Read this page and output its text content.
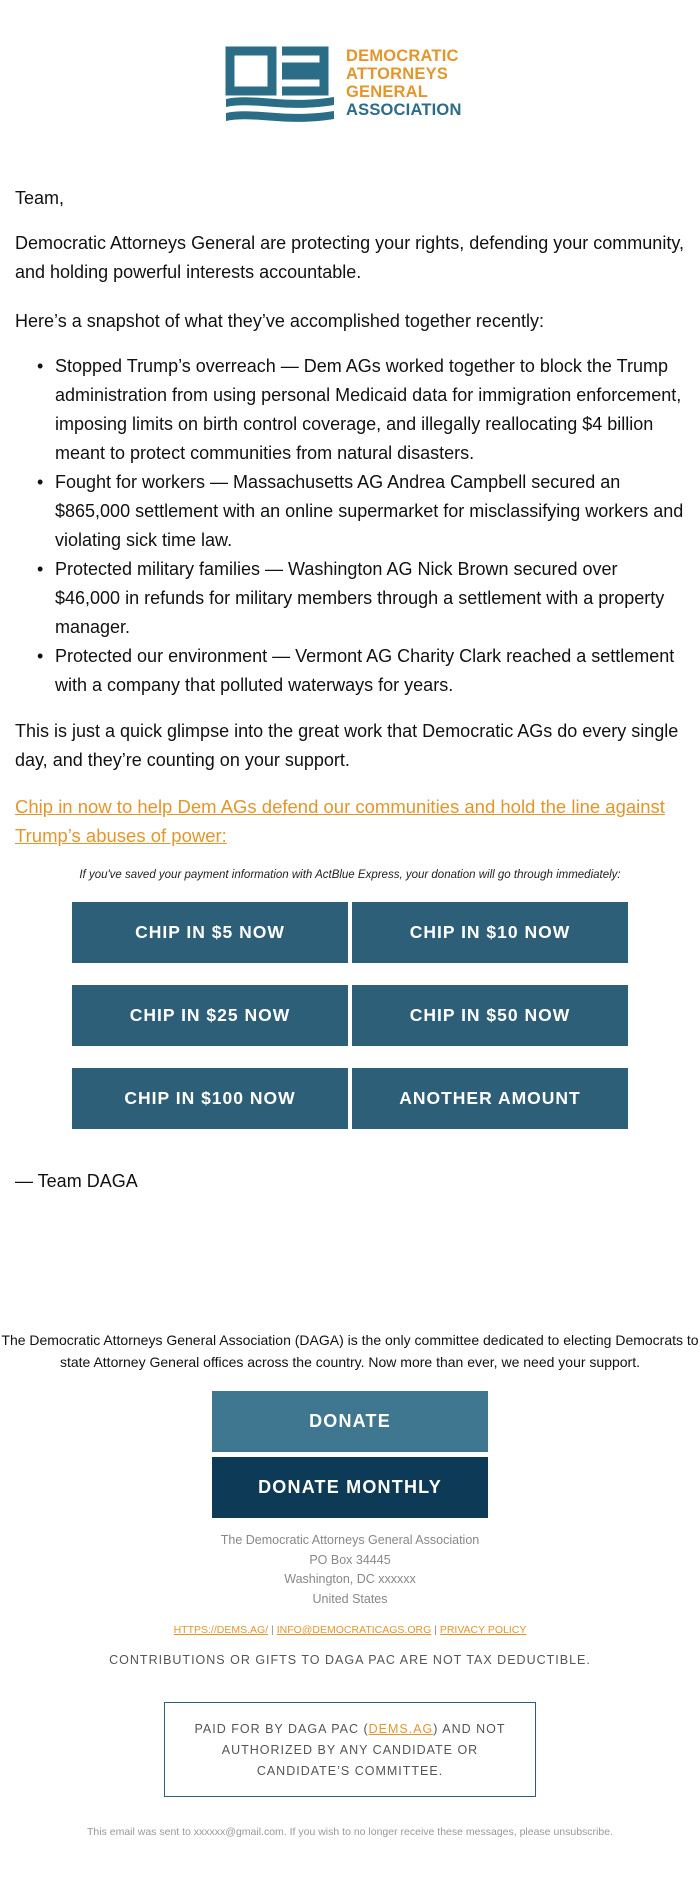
DEMOCRATIC
ATTORNEYS
GENERAL
ASSOCIATION

Team,

Democratic Attorneys General are protecting your rights, defending your community, and holding powerful interests accountable.

Here’s a snapshot of what they’ve accomplished together recently:

• Stopped Trump’s overreach — Dem AGs worked together to block the Trump administration from using personal Medicaid data for immigration enforcement, imposing limits on birth control coverage, and illegally reallocating $4 billion meant to protect communities from natural disasters.
• Fought for workers — Massachusetts AG Andrea Campbell secured an $865,000 settlement with an online supermarket for misclassifying workers and violating sick time law.
• Protected military families — Washington AG Nick Brown secured over $46,000 in refunds for military members through a settlement with a property manager.
• Protected our environment — Vermont AG Charity Clark reached a settlement with a company that polluted waterways for years.

This is just a quick glimpse into the great work that Democratic AGs do every single day, and they’re counting on your support.

Chip in now to help Dem AGs defend our communities and hold the line against Trump’s abuses of power:

If you've saved your payment information with ActBlue Express, your donation will go through immediately:

CHIP IN $5 NOW	CHIP IN $10 NOW
CHIP IN $25 NOW	CHIP IN $50 NOW
CHIP IN $100 NOW	ANOTHER AMOUNT

— Team DAGA

The Democratic Attorneys General Association (DAGA) is the only committee dedicated to electing Democrats to state Attorney General offices across the country. Now more than ever, we need your support.

DONATE
DONATE MONTHLY
The Democratic Attorneys General Association
PO Box 34445
Washington, DC xxxxxx
United States
HTTPS://DEMS.AG/ | INFO@DEMOCRATICAGS.ORG | PRIVACY POLICY

CONTRIBUTIONS OR GIFTS TO DAGA PAC ARE NOT TAX DEDUCTIBLE.

PAID FOR BY DAGA PAC (DEMS.AG) AND NOT AUTHORIZED BY ANY CANDIDATE OR CANDIDATE’S COMMITTEE.

This email was sent to xxxxxx@gmail.com. If you wish to no longer receive these messages, please unsubscribe.
